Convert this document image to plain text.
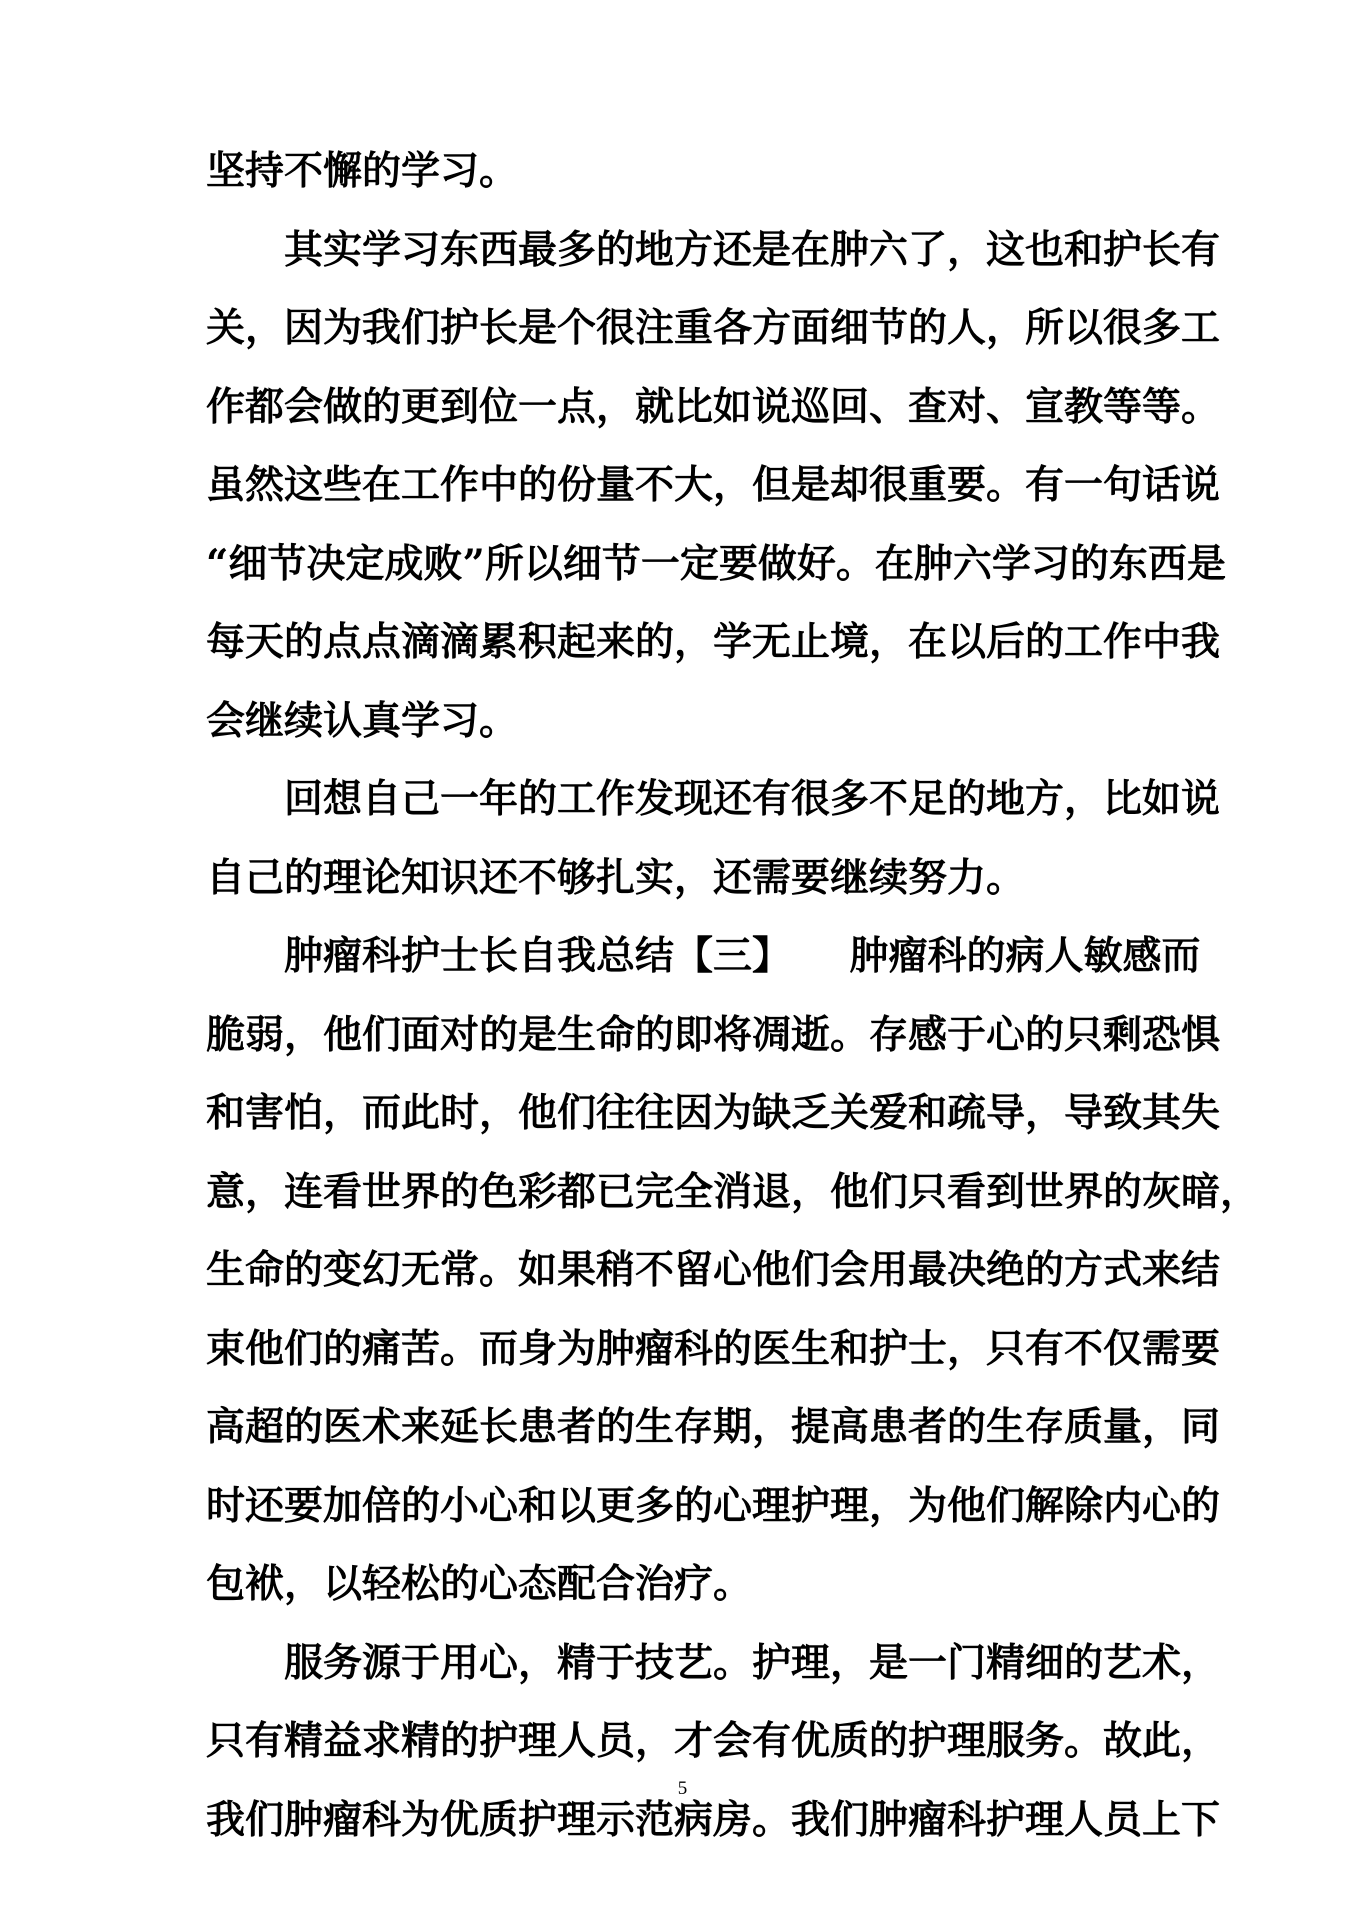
坚持不懈的学习。
其实学习东西最多的地方还是在肿六了，这也和护长有
关，因为我们护长是个很注重各方面细节的人，所以很多工
作都会做的更到位一点，就比如说巡回、查对、宣教等等。
虽然这些在工作中的份量不大，但是却很重要。有一句话说
“细节决定成败”所以细节一定要做好。在肿六学习的东西是
每天的点点滴滴累积起来的，学无止境，在以后的工作中我
会继续认真学习。
回想自己一年的工作发现还有很多不足的地方，比如说
自己的理论知识还不够扎实，还需要继续努力。
肿瘤科护士长自我总结【三】　　肿瘤科的病人敏感而
脆弱，他们面对的是生命的即将凋逝。存感于心的只剩恐惧
和害怕，而此时，他们往往因为缺乏关爱和疏导，导致其失
意，连看世界的色彩都已完全消退，他们只看到世界的灰暗，
生命的变幻无常。如果稍不留心他们会用最决绝的方式来结
束他们的痛苦。而身为肿瘤科的医生和护士，只有不仅需要
高超的医术来延长患者的生存期，提高患者的生存质量，同
时还要加倍的小心和以更多的心理护理，为他们解除内心的
包袱，以轻松的心态配合治疗。
服务源于用心，精于技艺。护理，是一门精细的艺术，
只有精益求精的护理人员，才会有优质的护理服务。故此，
我们肿瘤科为优质护理示范病房。我们肿瘤科护理人员上下
5
